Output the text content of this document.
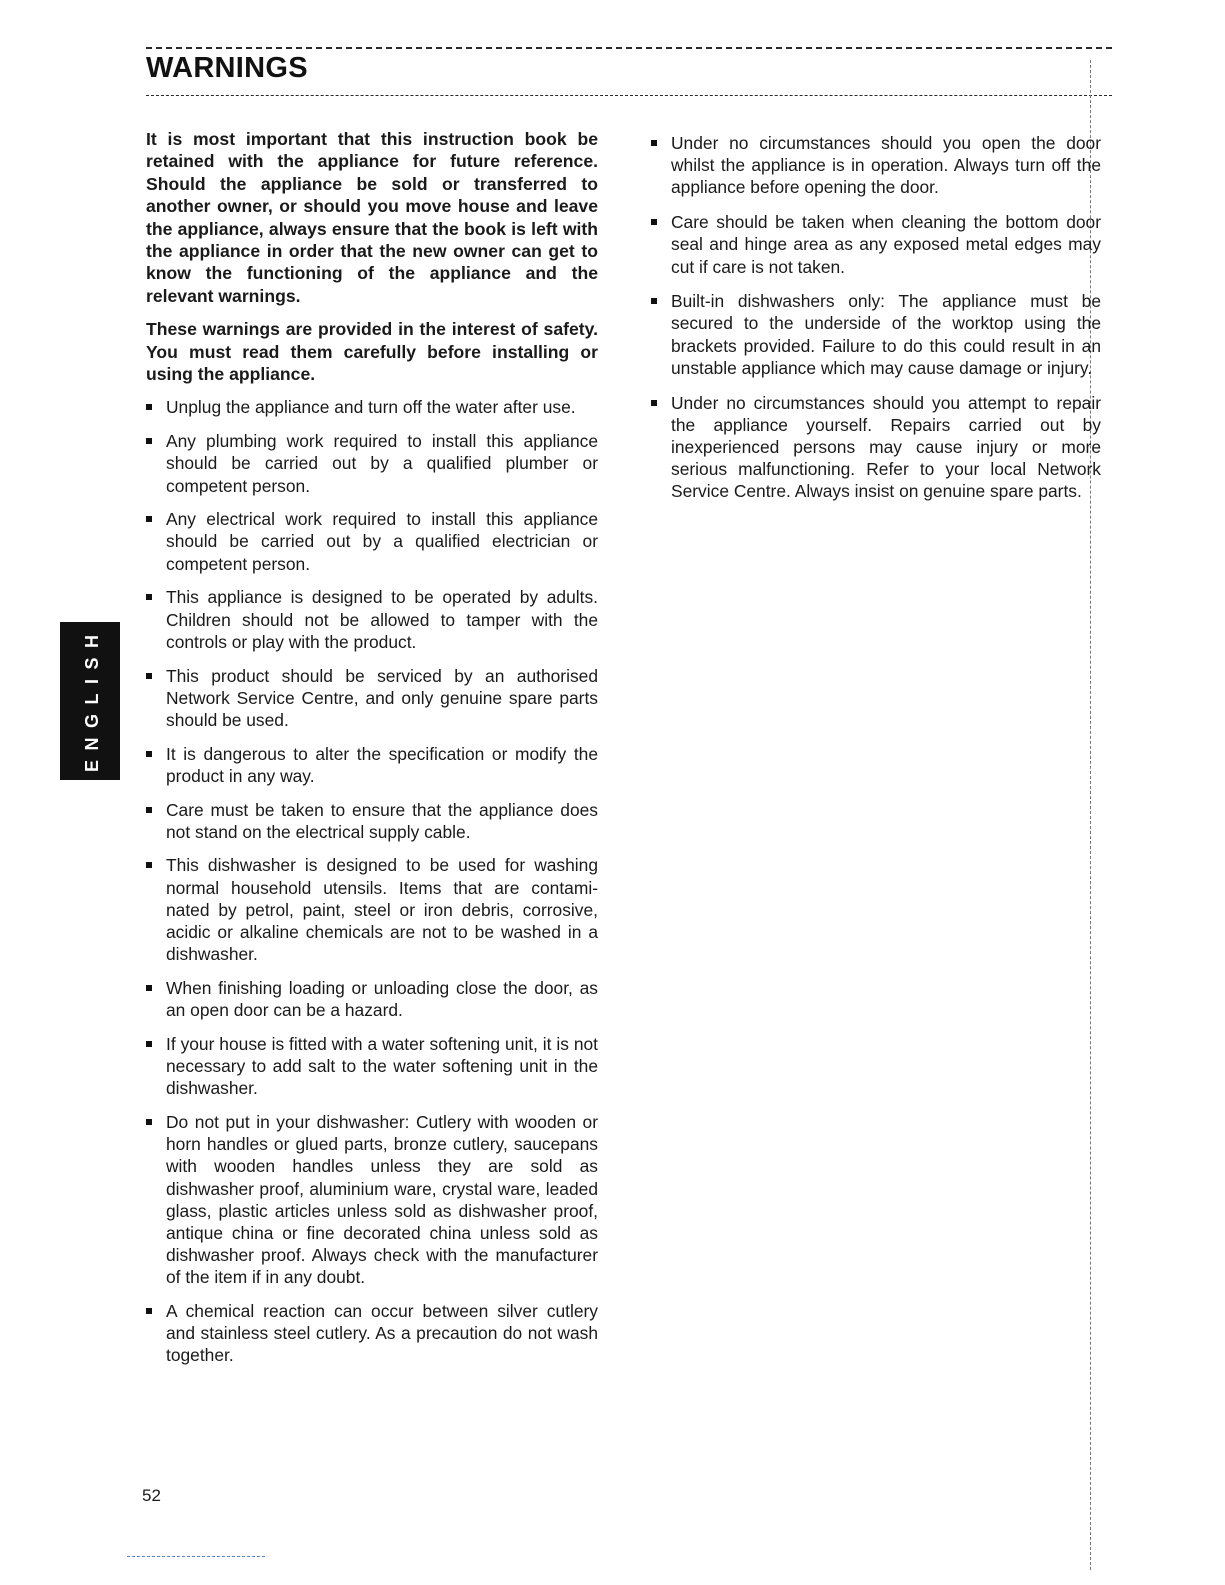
WARNINGS

It is most important that this instruction book be retained with the appliance for future reference. Should the appliance be sold or transferred to another owner, or should you move house and leave the appliance, always ensure that the book is left with the appliance in order that the new owner can get to know the functioning of the appliance and the relevant warnings.

These warnings are provided in the interest of safety. You must read them carefully before installing or using the appliance.

Unplug the appliance and turn off the water after use.
Any plumbing work required to install this appliance should be carried out by a qualified plumber or competent person.
Any electrical work required to install this appliance should be carried out by a qualified electrician or competent person.
This appliance is designed to be operated by adults. Children should not be allowed to tamper with the controls or play with the product.
This product should be serviced by an authorised Network Service Centre, and only genuine spare parts should be used.
It is dangerous to alter the specification or modify the product in any way.
Care must be taken to ensure that the appliance does not stand on the electrical supply cable.
This dishwasher is designed to be used for washing normal household utensils. Items that are contami-nated by petrol, paint, steel or iron debris, corrosive, acidic or alkaline chemicals are not to be washed in a dishwasher.
When finishing loading or unloading close the door, as an open door can be a hazard.
If your house is fitted with a water softening unit, it is not necessary to add salt to the water softening unit in the dishwasher.
Do not put in your dishwasher: Cutlery with wooden or horn handles or glued parts, bronze cutlery, saucepans with wooden handles unless they are sold as dishwasher proof, aluminium ware, crystal ware, leaded glass, plastic articles unless sold as dishwasher proof, antique china or fine decorated china unless sold as dishwasher proof. Always check with the manufacturer of the item if in any doubt.
A chemical reaction can occur between silver cutlery and stainless steel cutlery. As a precaution do not wash together.
Under no circumstances should you open the door whilst the appliance is in operation. Always turn off the appliance before opening the door.
Care should be taken when cleaning the bottom door seal and hinge area as any exposed metal edges may cut if care is not taken.
Built-in dishwashers only: The appliance must be secured to the underside of the worktop using the brackets provided. Failure to do this could result in an unstable appliance which may cause damage or injury.
Under no circumstances should you attempt to repair the appliance yourself. Repairs carried out by inexperienced persons may cause injury or more serious malfunctioning. Refer to your local Network Service Centre. Always insist on genuine spare parts.
ENGLISH
52
